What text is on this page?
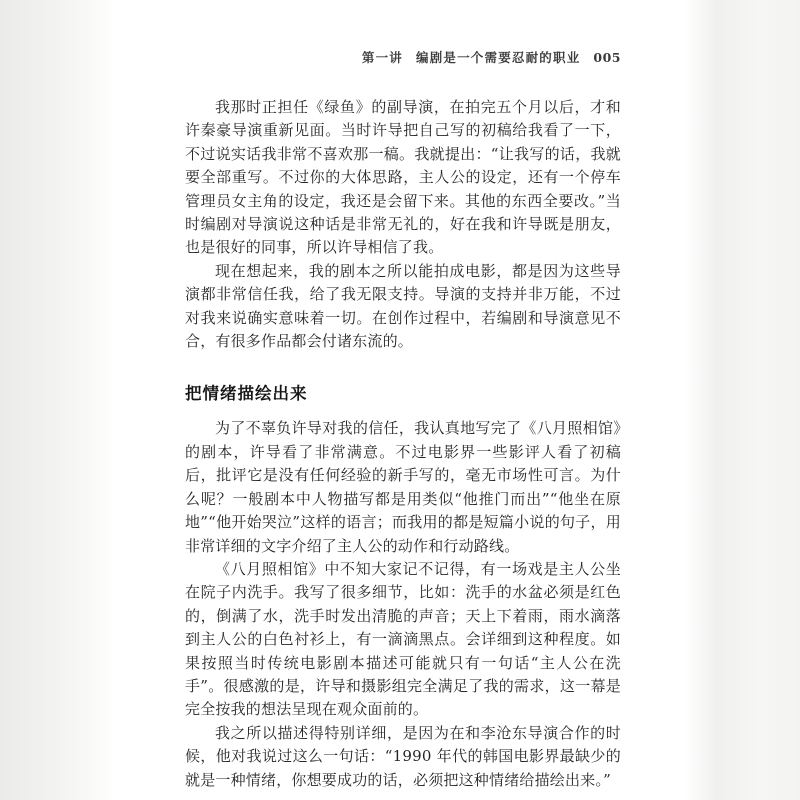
第一讲 编剧是一个需要忍耐的职业 005

我那时正担任《绿鱼》的副导演，在拍完五个月以后，才和许秦豪导演重新见面。当时许导把自己写的初稿给我看了一下，不过说实话我非常不喜欢那一稿。我就提出：“让我写的话，我就要全部重写。不过你的大体思路，主人公的设定，还有一个停车管理员女主角的设定，我还是会留下来。其他的东西全要改。”当时编剧对导演说这种话是非常无礼的，好在我和许导既是朋友，也是很好的同事，所以许导相信了我。

现在想起来，我的剧本之所以能拍成电影，都是因为这些导演都非常信任我，给了我无限支持。导演的支持并非万能，不过对我来说确实意味着一切。在创作过程中，若编剧和导演意见不合，有很多作品都会付诸东流的。

把情绪描绘出来

为了不辜负许导对我的信任，我认真地写完了《八月照相馆》的剧本，许导看了非常满意。不过电影界一些影评人看了初稿后，批评它是没有任何经验的新手写的，毫无市场性可言。为什么呢？一般剧本中人物描写都是用类似“他推门而出”“他坐在原地”“他开始哭泣”这样的语言；而我用的都是短篇小说的句子，用非常详细的文字介绍了主人公的动作和行动路线。

《八月照相馆》中不知大家记不记得，有一场戏是主人公坐在院子内洗手。我写了很多细节，比如：洗手的水盆必须是红色的，倒满了水，洗手时发出清脆的声音；天上下着雨，雨水滴落到主人公的白色衬衫上，有一滴滴黑点。会详细到这种程度。如果按照当时传统电影剧本描述可能就只有一句话“主人公在洗手”。很感激的是，许导和摄影组完全满足了我的需求，这一幕是完全按我的想法呈现在观众面前的。

我之所以描述得特别详细，是因为在和李沧东导演合作的时候，他对我说过这么一句话：“1990 年代的韩国电影界最缺少的就是一种情绪，你想要成功的话，必须把这种情绪给描绘出来。”
